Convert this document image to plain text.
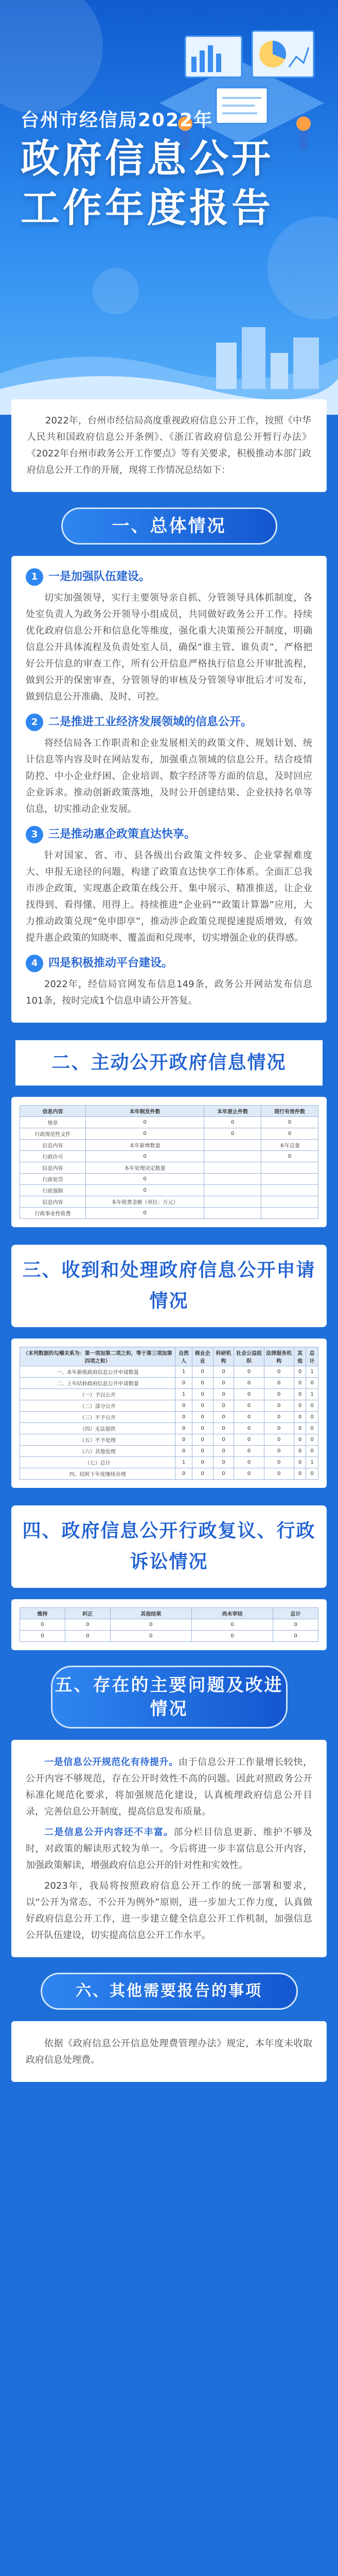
台州市经信局2022年
政府信息公开
工作年度报告
2022年，台州市经信局高度重视政府信息公开工作，按照《中华人民共和国政府信息公开条例》、《浙江省政府信息公开暂行办法》《2022年台州市政务公开工作要点》等有关要求，积极推动本部门政府信息公开工作的开展，现将工作情况总结如下：
一、总体情况
1 一是加强队伍建设。

切实加强领导，实行主要领导亲自抓、分管领导具体抓制度，各处室负责人为政务公开领导小组成员，共同做好政务公开工作。持续优化政府信息公开和信息化等维度，强化重大决策预公开制度，明确信息公开具体流程及负责处室人员，确保“谁主管、谁负责”，严格把好公开信息的审查工作，所有公开信息严格执行信息公开审批流程，做到公开的保密审查，分管领导的审核及分管领导审批后才可发布，做到信息公开准确、及时、可控。

2 二是推进工业经济发展领域的信息公开。

将经信局各工作职责和企业发展相关的政策文件、规划计划、统计信息等内容及时在网站发布，加强重点领域的信息公开。结合疫情防控、中小企业纾困、企业培训、数字经济等方面的信息，及时回应企业诉求。推动创新政策落地，及时公开创建结果、企业扶持名单等信息，切实推动企业发展。

3 三是推动惠企政策直达快享。

针对国家、省、市、县各级出台政策文件较多、企业掌握难度大、申报无途径的问题，构建了政策直达快享工作体系。全面汇总我市涉企政策，实现惠企政策在线公开、集中展示、精准推送，让企业找得到、看得懂、用得上。持续推进“企业码”“政策计算器”应用，大力推动政策兑现“免申即享”，推动涉企政策兑现提速提质增效，有效提升惠企政策的知晓率、覆盖面和兑现率，切实增强企业的获得感。

4 四是积极推动平台建设。

2022年，经信局官网发布信息149条，政务公开网站发布信息101条，按时完成1个信息申请公开答复。

二、主动公开政府信息情况
信息内容	本年制发件数	本年废止件数	现行有效件数
规章	0	0	0
行政规范性文件	0	0	0
信息内容	本年新增数量		本年总量
行政许可	0		0
信息内容	本年处理决定数量		
行政处罚	0		
行政强制	0		
信息内容	本年收费金额（单位：万元）		
行政事业性收费	0		
三、收到和处理政府信息公开申请情况
（本列数据的勾稽关系为：第一项加第二项之和，等于第三项加第四项之和）	自然人	商业企业	科研机构	社会公益组织	法律服务机构	其他	总计
一、本年新收政府信息公开申请数量	1	0	0	0	0	0	1
二、上年结转政府信息公开申请数量	0	0	0	0	0	0	0
（一）予以公开	1	0	0	0	0	0	1
（二）部分公开	0	0	0	0	0	0	0
（三）不予公开	0	0	0	0	0	0	0
（四）无法提供	0	0	0	0	0	0	0
（五）不予处理	0	0	0	0	0	0	0
（六）其他处理	0	0	0	0	0	0	0
（七）总计	1	0	0	0	0	0	1
四、结转下年度继续办理	0	0	0	0	0	0	0
四、政府信息公开行政复议、行政诉讼情况
维持	纠正	其他结果	尚未审结	总计
0	0	0	0	0
0	0	0	0	0
五、存在的主要问题及改进情况

一是信息公开规范化有待提升。由于信息公开工作量增长较快，公开内容不够规范，存在公开时效性不高的问题。因此对照政务公开标准化规范化要求，将加强规范化建设，认真梳理政府信息公开目录，完善信息公开制度，提高信息发布质量。

二是信息公开内容还不丰富。部分栏目信息更新、维护不够及时，对政策的解读形式较为单一。今后将进一步丰富信息公开内容，加强政策解读，增强政府信息公开的针对性和实效性。

2023年，我局将按照政府信息公开工作的统一部署和要求，以“公开为常态、不公开为例外”原则，进一步加大工作力度，认真做好政府信息公开工作，进一步建立健全信息公开工作机制，加强信息公开队伍建设，切实提高信息公开工作水平。

六、其他需要报告的事项

依据《政府信息公开信息处理费管理办法》规定，本年度未收取政府信息处理费。
